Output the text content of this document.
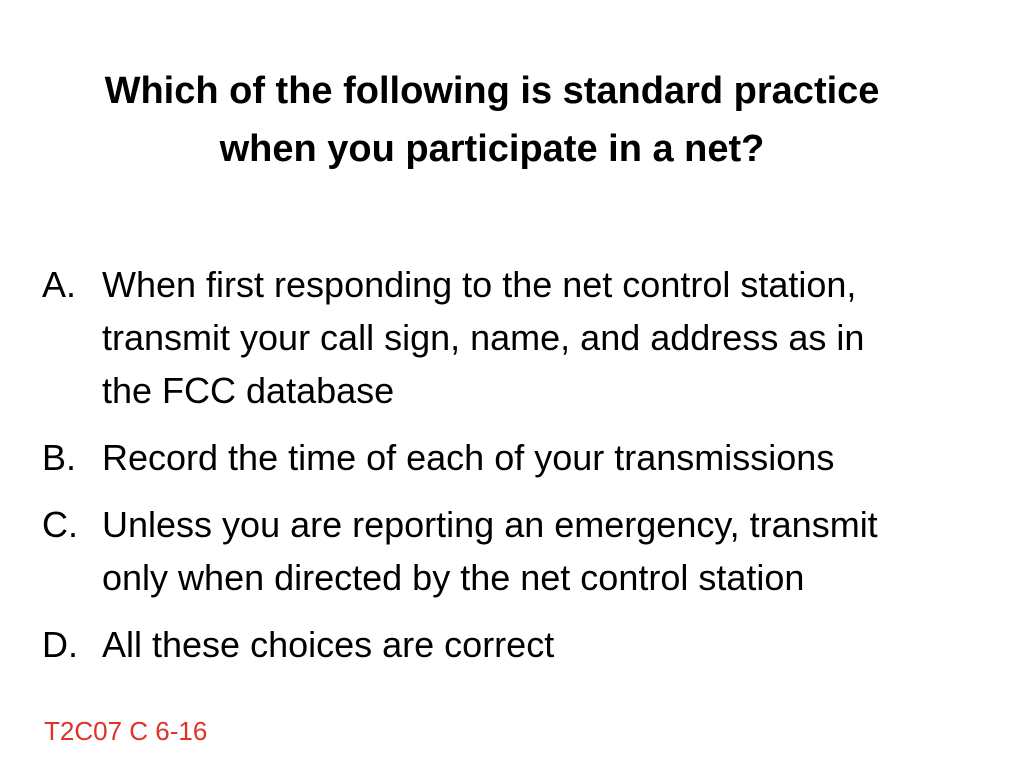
Which of the following is standard practice
when you participate in a net?
A. When first responding to the net control station, transmit your call sign, name, and address as in the FCC database
B. Record the time of each of your transmissions
C. Unless you are reporting an emergency, transmit only when directed by the net control station
D. All these choices are correct
T2C07 C 6-16
